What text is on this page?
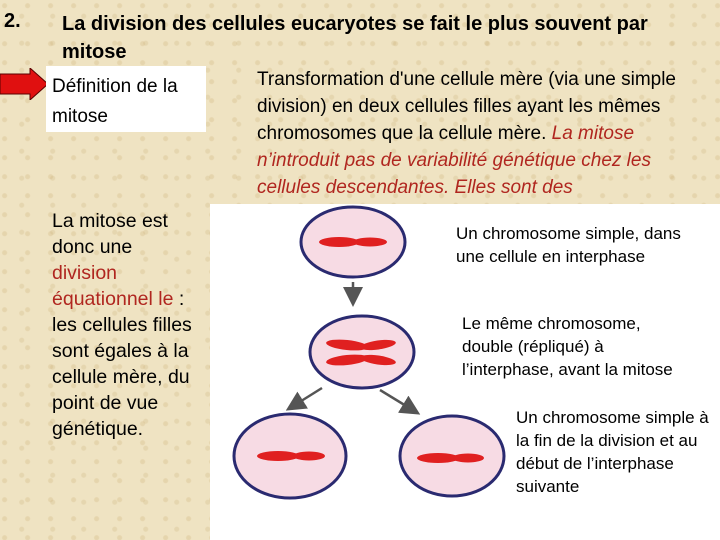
2. La division des cellules eucaryotes se fait le plus souvent par mitose
Définition de la mitose
Transformation d'une cellule mère (via une simple division) en deux cellules filles ayant les mêmes chromosomes que la cellule mère. La mitose n’introduit pas de variabilité génétique chez les cellules descendantes. Elles sont des
La mitose est donc une division équationnel le : les cellules filles sont égales à la cellule mère, du point de vue génétique.
Un chromosome simple, dans une cellule en interphase
Le même chromosome, double (répliqué) à l’interphase, avant la mitose
Un chromosome simple à la fin de la division et au début de l’interphase suivante
